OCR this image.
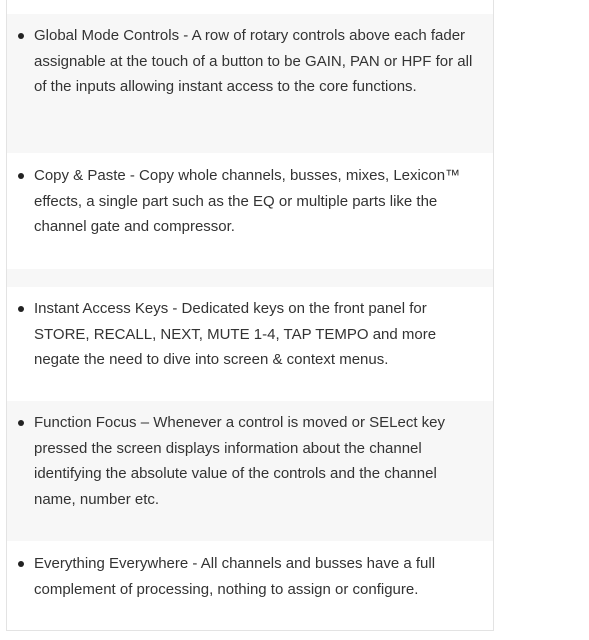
Global Mode Controls - A row of rotary controls above each fader assignable at the touch of a button to be GAIN, PAN or HPF for all of the inputs allowing instant access to the core functions.

Copy & Paste - Copy whole channels, busses, mixes, Lexicon™ effects, a single part such as the EQ or multiple parts like the channel gate and compressor.

Instant Access Keys - Dedicated keys on the front panel for STORE, RECALL, NEXT, MUTE 1-4, TAP TEMPO and more negate the need to dive into screen & context menus.

Function Focus – Whenever a control is moved or SELect key pressed the screen displays information about the channel identifying the absolute value of the controls and the channel name, number etc.

Everything Everywhere - All channels and busses have a full complement of processing, nothing to assign or configure.
